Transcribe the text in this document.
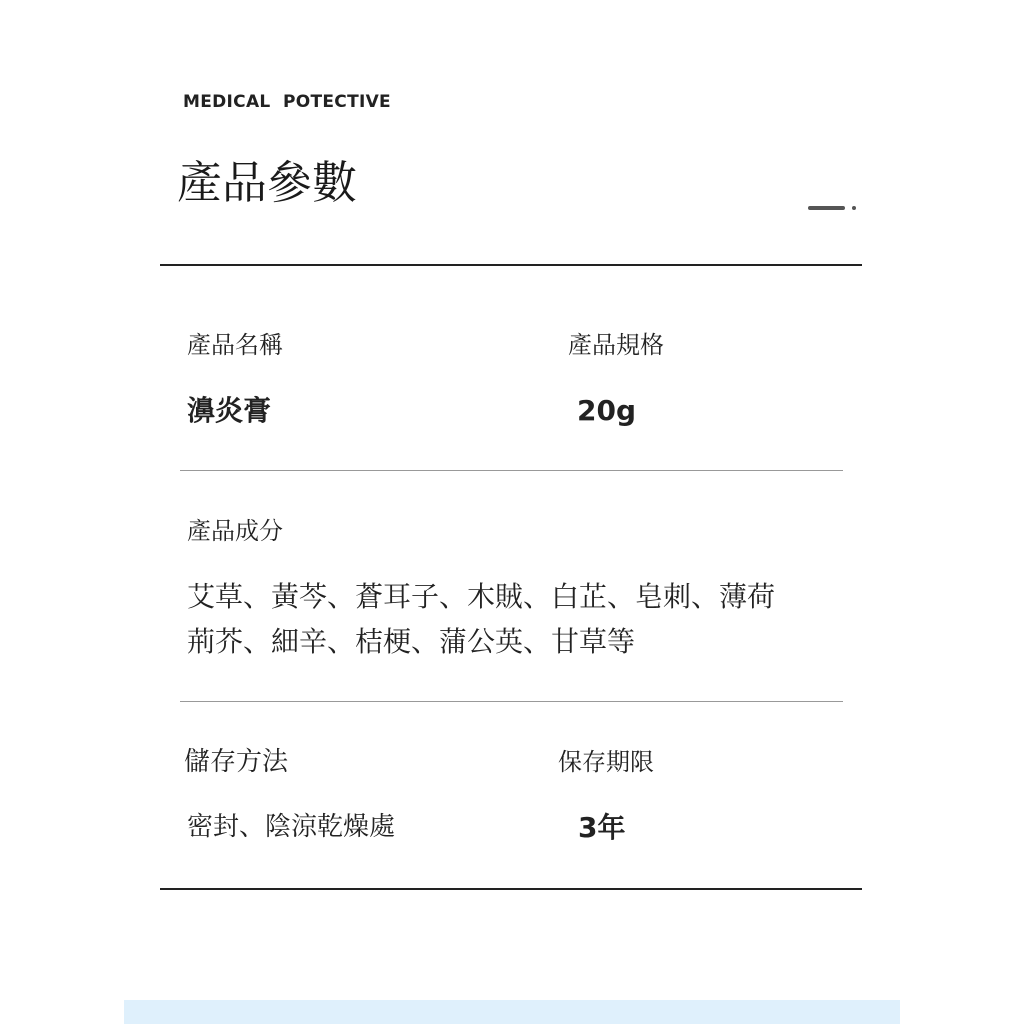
MEDICAL  POTECTIVE
產品參數
產品名稱	產品規格
濞炎膏	20g
產品成分
艾草、黃芩、蒼耳子、木賊、白芷、皂刺、薄荷
荊芥、細辛、桔梗、蒲公英、甘草等
儲存方法	保存期限
密封、陰涼乾燥處	3年
